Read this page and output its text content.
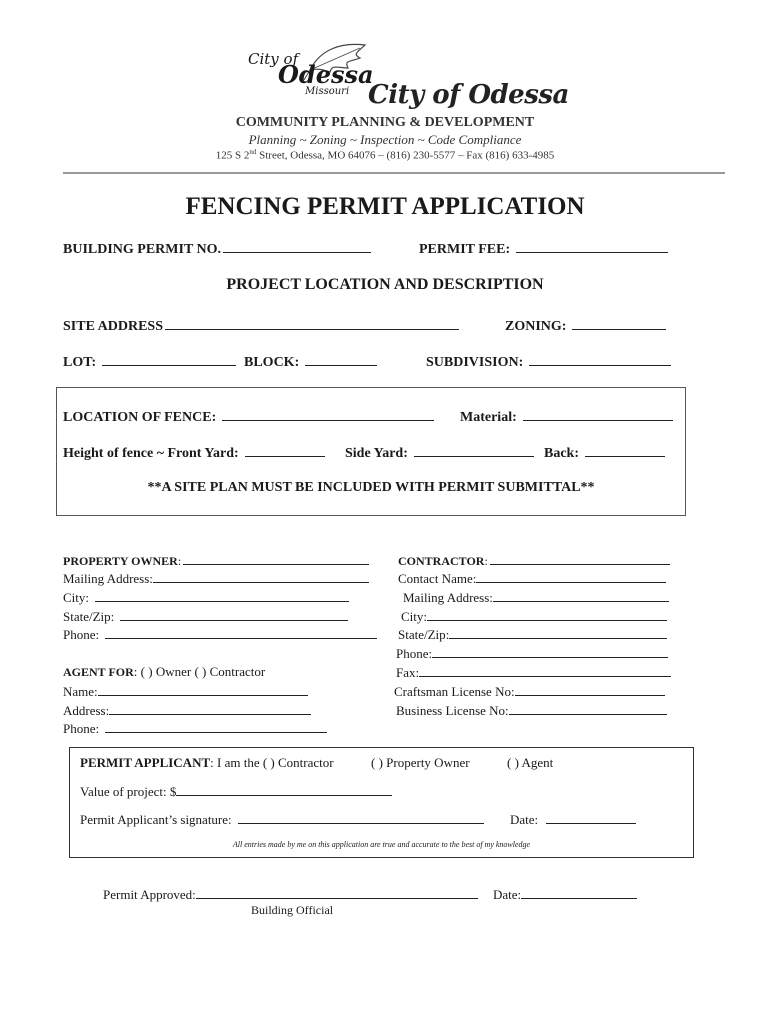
City of
Odessa
Missouri City of Odessa
COMMUNITY PLANNING & DEVELOPMENT
Planning ~ Zoning ~ Inspection ~ Code Compliance
125 S 2nd Street, Odessa, MO 64076 – (816) 230-5577 – Fax (816) 633-4985
FENCING PERMIT APPLICATION
BUILDING PERMIT NO.	PERMIT FEE:
PROJECT LOCATION AND DESCRIPTION
SITE ADDRESS	ZONING:
LOT:	BLOCK:	SUBDIVISION:
LOCATION OF FENCE:	Material:
Height of fence ~ Front Yard:	Side Yard:	Back:
**A SITE PLAN MUST BE INCLUDED WITH PERMIT SUBMITTAL**
PROPERTY OWNER:
Mailing Address:
City:
State/Zip:
Phone:
AGENT FOR: ( ) Owner ( ) Contractor
Name:
Address:
Phone:
CONTRACTOR:
Contact Name:
Mailing Address:
City:
State/Zip:
Phone:
Fax:
Craftsman License No:
Business License No:
PERMIT APPLICANT: I am the ( ) Contractor	( ) Property Owner	( ) Agent
Value of project: $
Permit Applicant’s signature:	Date:
All entries made by me on this application are true and accurate to the best of my knowledge
Permit Approved:	Date:
Building Official
